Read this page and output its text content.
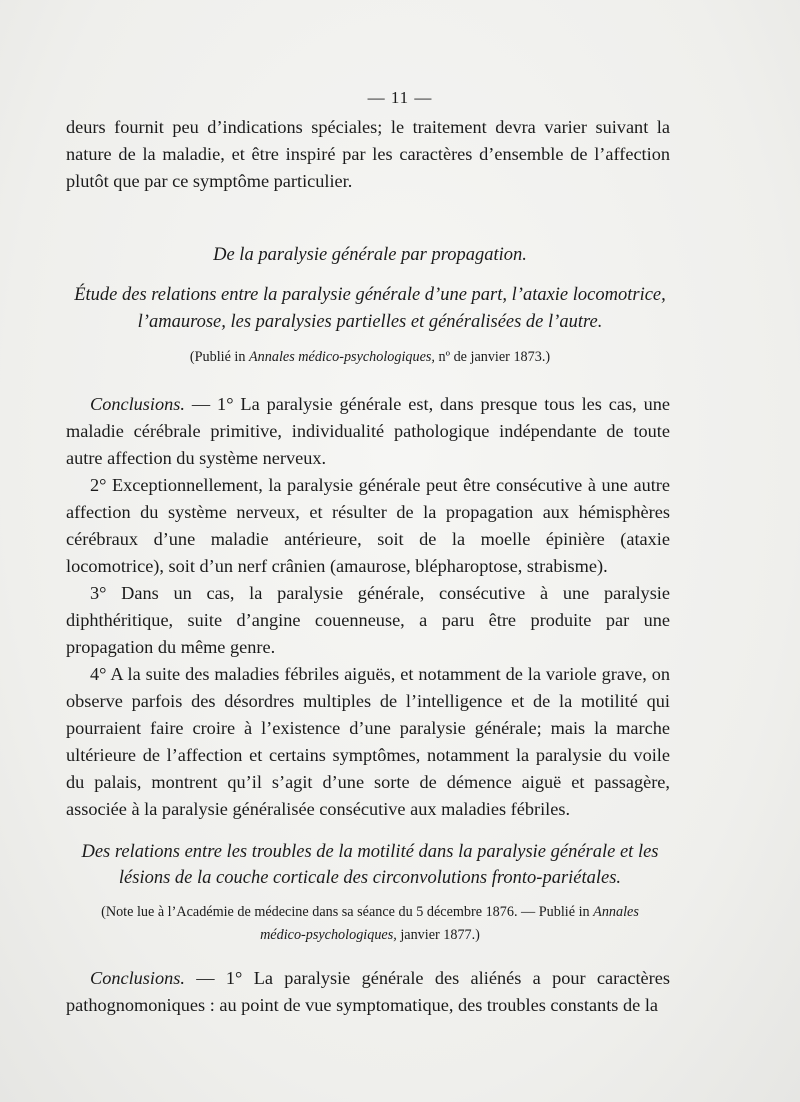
— 11 —

deurs fournit peu d’indications spéciales; le traitement devra varier suivant la nature de la maladie, et être inspiré par les caractères d’ensemble de l’affection plutôt que par ce symptôme particulier.

De la paralysie générale par propagation.
Étude des relations entre la paralysie générale d’une part, l’ataxie locomotrice,
l’amaurose, les paralysies partielles et généralisées de l’autre.
(Publié in Annales médico-psychologiques, nº de janvier 1873.)

Conclusions. — 1° La paralysie générale est, dans presque tous les cas, une maladie cérébrale primitive, individualité pathologique indépendante de toute autre affection du système nerveux.

2° Exceptionnellement, la paralysie générale peut être consécutive à une autre affection du système nerveux, et résulter de la propagation aux hémisphères cérébraux d’une maladie antérieure, soit de la moelle épinière (ataxie locomotrice), soit d’un nerf crânien (amaurose, blépharoptose, strabisme).

3° Dans un cas, la paralysie générale, consécutive à une paralysie diphthéritique, suite d’angine couenneuse, a paru être produite par une propagation du même genre.

4° A la suite des maladies fébriles aiguës, et notamment de la variole grave, on observe parfois des désordres multiples de l’intelligence et de la motilité qui pourraient faire croire à l’existence d’une paralysie générale; mais la marche ultérieure de l’affection et certains symptômes, notamment la paralysie du voile du palais, montrent qu’il s’agit d’une sorte de démence aiguë et passagère, associée à la paralysie généralisée consécutive aux maladies fébriles.

Des relations entre les troubles de la motilité dans la paralysie générale et les
lésions de la couche corticale des circonvolutions fronto-pariétales.
(Note lue à l’Académie de médecine dans sa séance du 5 décembre 1876. — Publié in Annales
médico-psychologiques, janvier 1877.)

Conclusions. — 1° La paralysie générale des aliénés a pour caractères pathognomoniques : au point de vue symptomatique, des troubles constants de la
